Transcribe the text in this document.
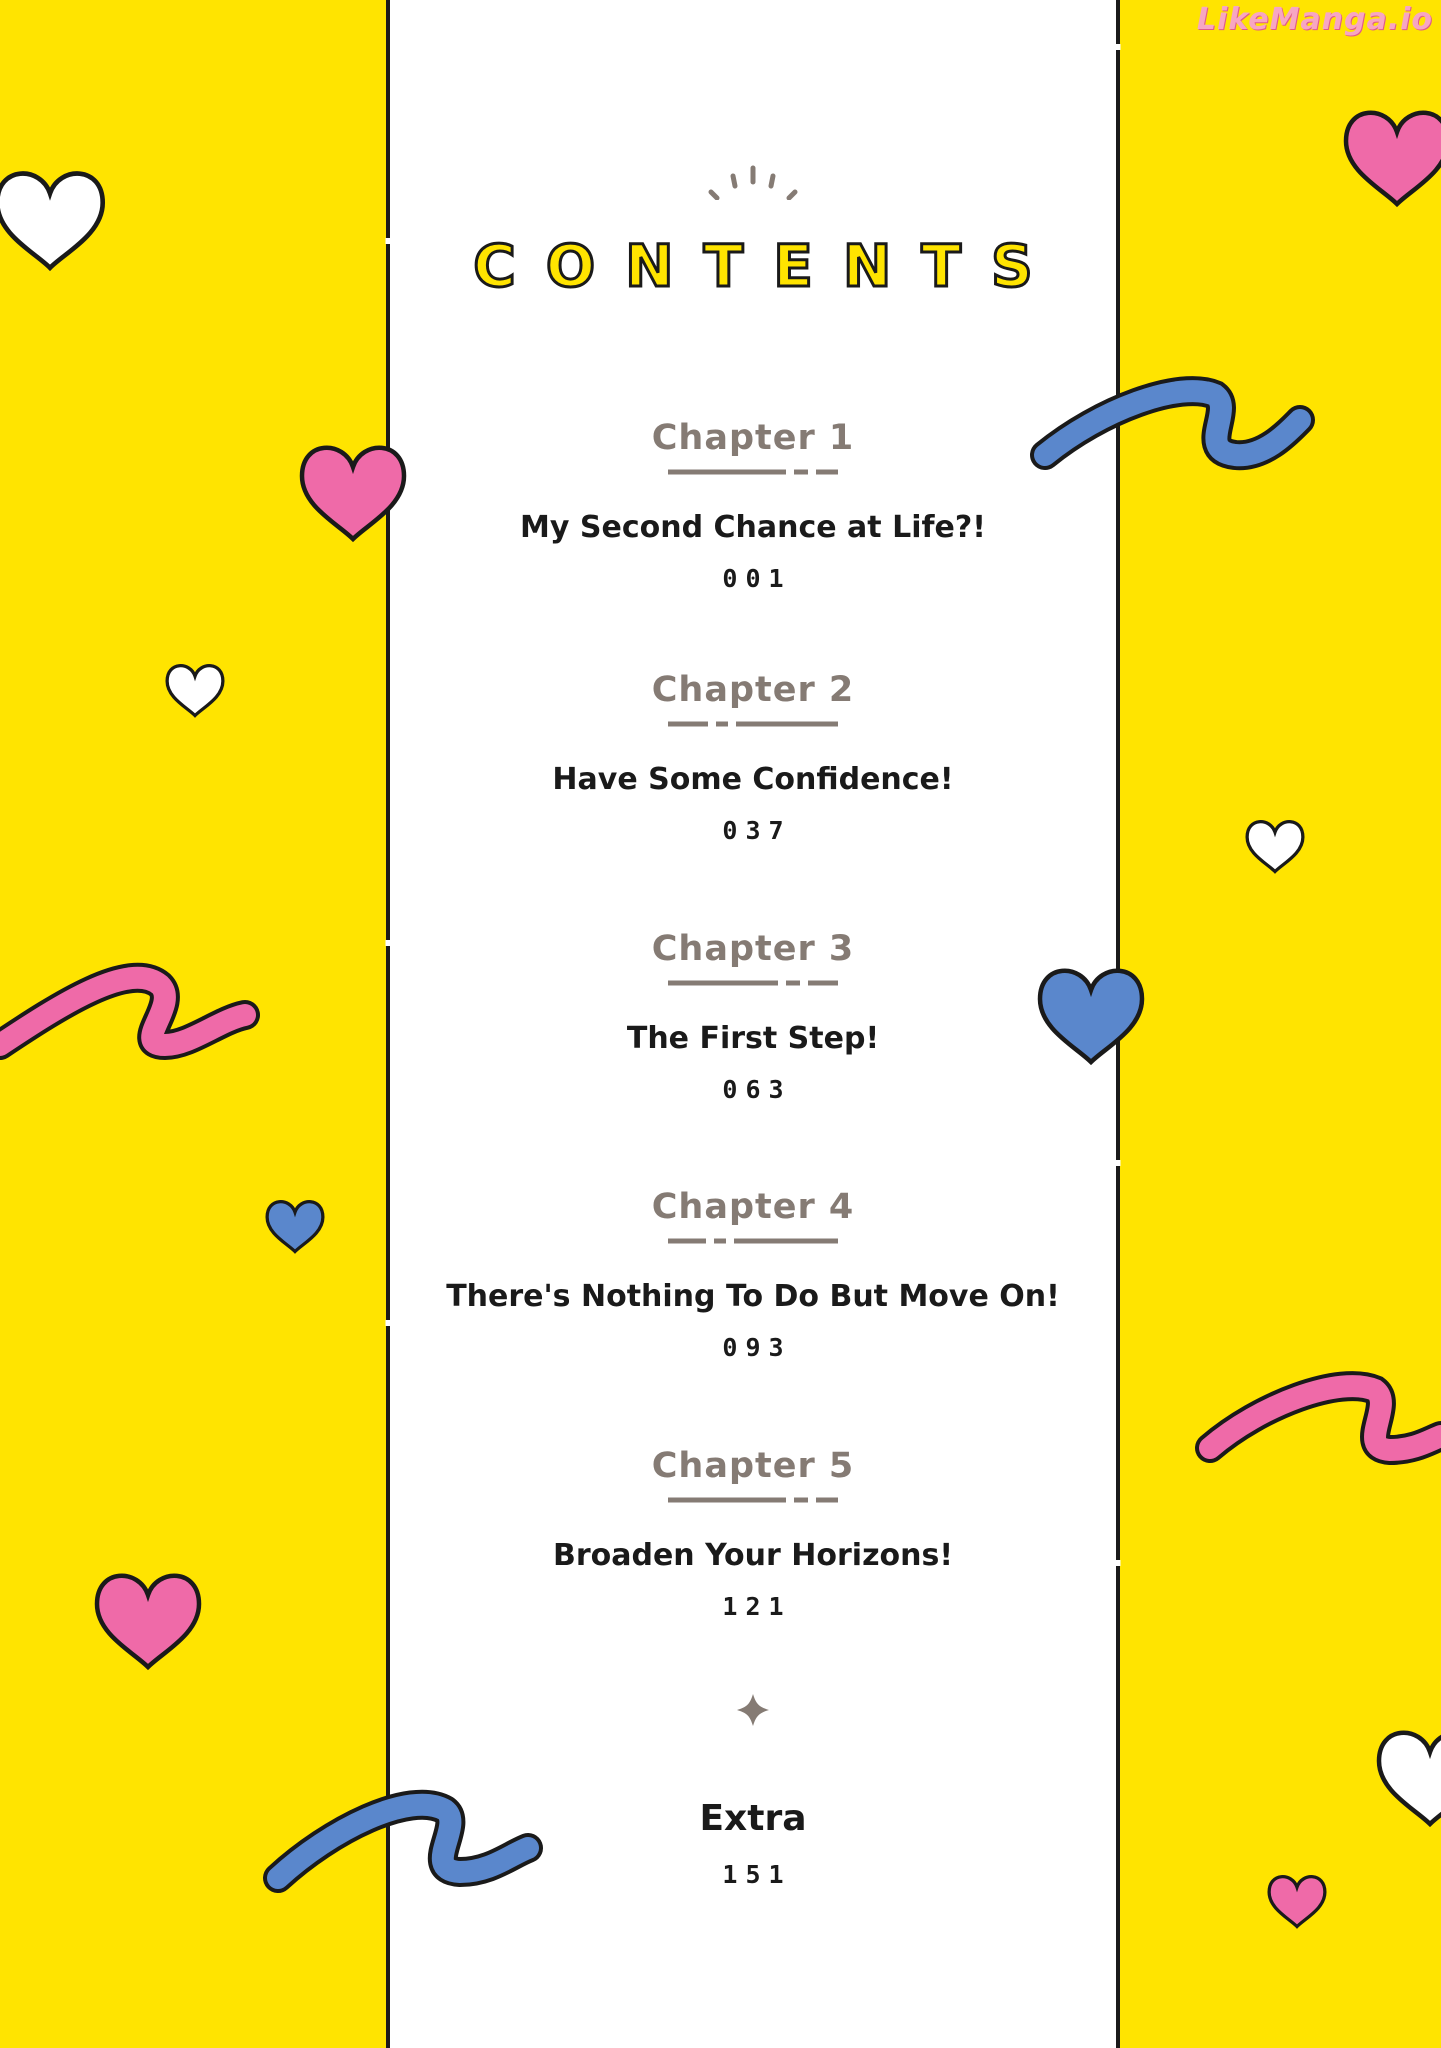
LikeManga.io
CONTENTS
Chapter 1
My Second Chance at Life?!
001
Chapter 2
Have Some Confidence!
037
Chapter 3
The First Step!
063
Chapter 4
There's Nothing To Do But Move On!
093
Chapter 5
Broaden Your Horizons!
121
Extra
151
